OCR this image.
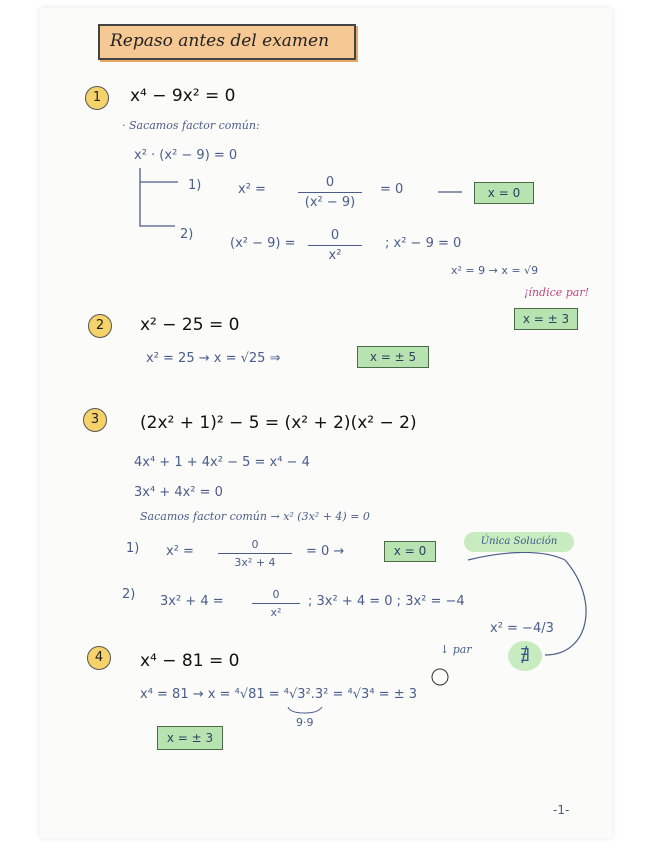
Repaso antes del examen
1	x⁴ − 9x² = 0
· Sacamos factor común:
x² · (x² − 9) = 0
1)	x² =	0
(x² − 9)
= 0	x = 0
2)
(x² − 9) =
0
x²
; x² − 9 = 0
x² = 9 → x = √9
¡índice par!
x = ± 3
2	x² − 25 = 0
x² = 25 → x = √25 ⇒	x = ± 5
3	(2x² + 1)² − 5 = (x² + 2)(x² − 2)
4x⁴ + 1 + 4x² − 5 = x⁴ − 4
3x⁴ + 4x² = 0
Sacamos factor común → x² (3x² + 4) = 0
1) x² =	0
3x² + 4
= 0 →	x = 0
Única Solución
2) 3x² + 4 =	0
x²
; 3x² + 4 = 0 ; 3x² = −4
x² = −4/3
∄
4	x⁴ − 81 = 0
↓ par
x⁴ = 81 → x = ⁴√81 = ⁴√3².3² = ⁴√3⁴ = ± 3
9·9
x = ± 3
-1-
